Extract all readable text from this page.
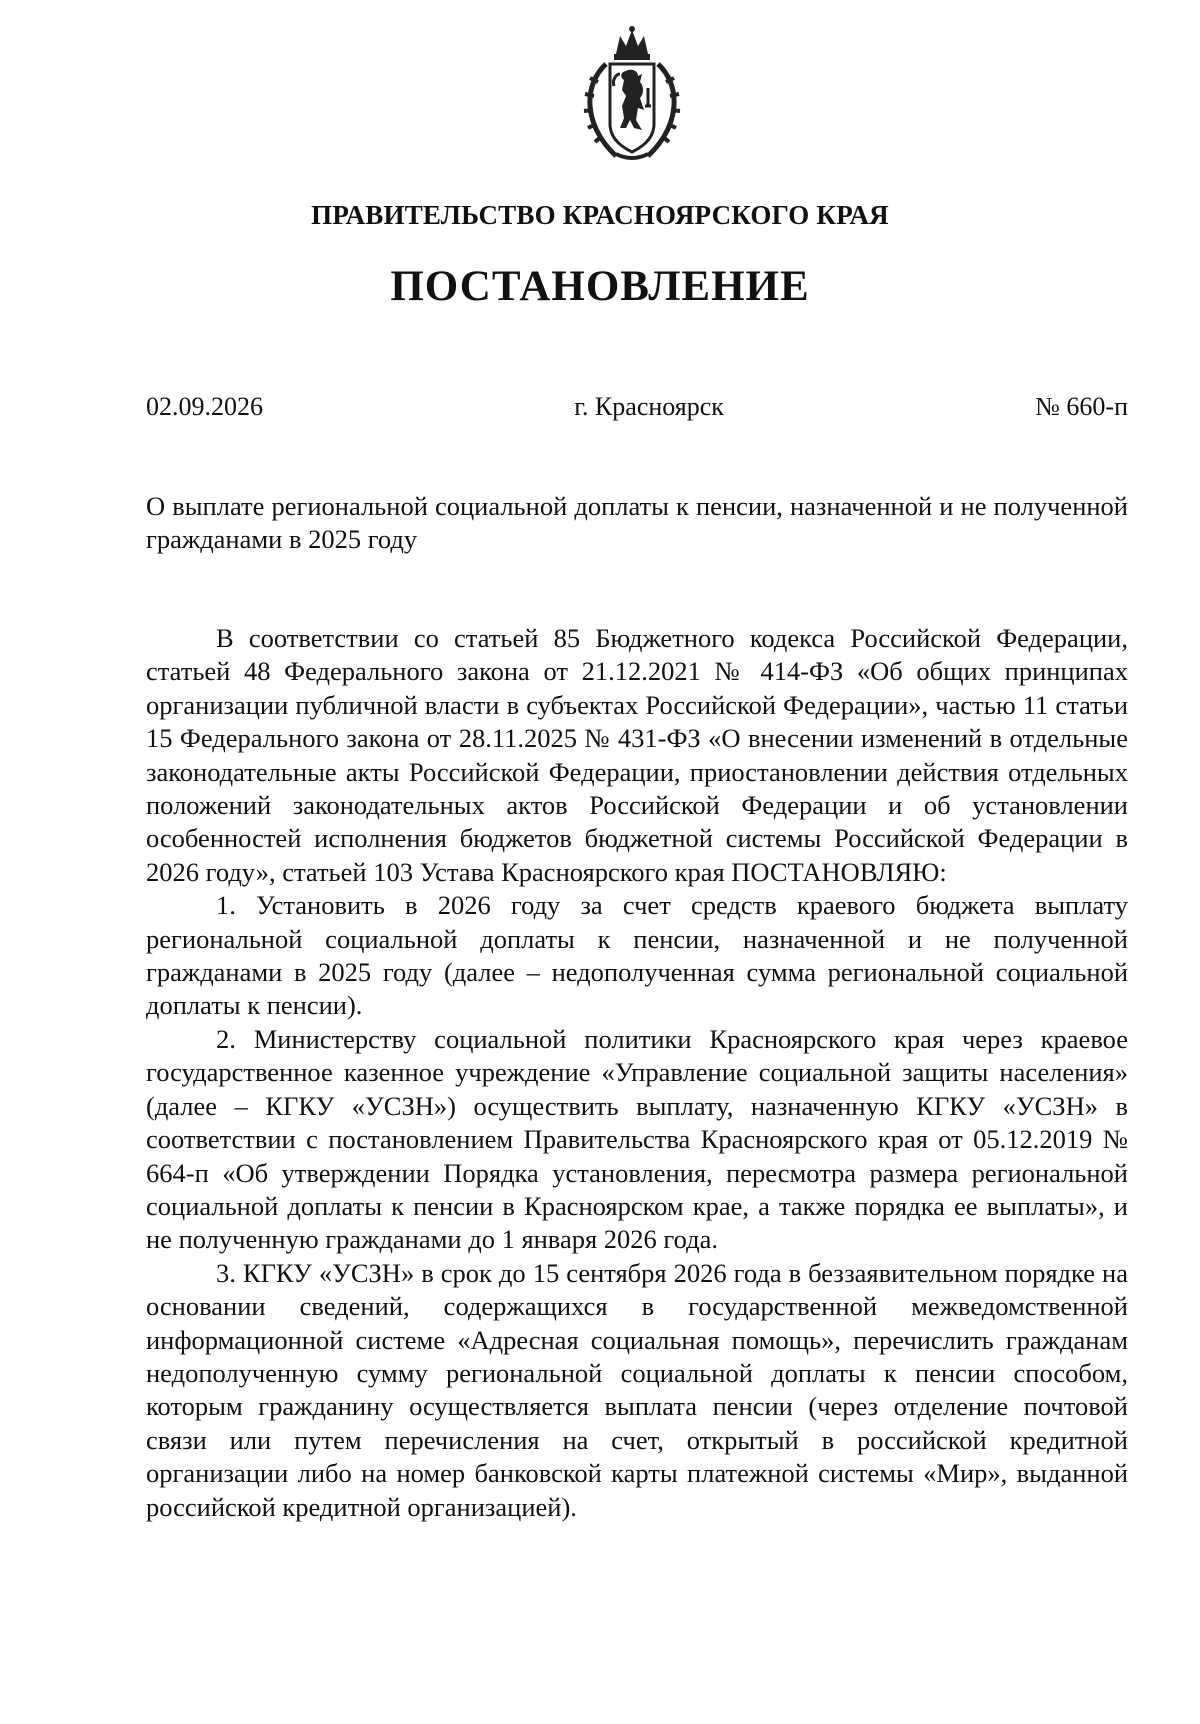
ПРАВИТЕЛЬСТВО КРАСНОЯРСКОГО КРАЯ
ПОСТАНОВЛЕНИЕ
02.09.2026	г. Красноярск	№ 660-п
О выплате региональной социальной доплаты к пенсии, назначенной и не полученной гражданами в 2025 году

В соответствии со статьей 85 Бюджетного кодекса Российской Федерации, статьей 48 Федерального закона от 21.12.2021 № 414-ФЗ «Об общих принципах организации публичной власти в субъектах Российской Федерации», частью 11 статьи 15 Федерального закона от 28.11.2025 № 431-ФЗ «О внесении изменений в отдельные законодательные акты Российской Федерации, приостановлении действия отдельных положений законодательных актов Российской Федерации и об установлении особенностей исполнения бюджетов бюджетной системы Российской Федерации в 2026 году», статьей 103 Устава Красноярского края ПОСТАНОВЛЯЮ:

1. Установить в 2026 году за счет средств краевого бюджета выплату региональной социальной доплаты к пенсии, назначенной и не полученной гражданами в 2025 году (далее – недополученная сумма региональной социальной доплаты к пенсии).

2. Министерству социальной политики Красноярского края через краевое государственное казенное учреждение «Управление социальной защиты населения» (далее – КГКУ «УСЗН») осуществить выплату, назначенную КГКУ «УСЗН» в соответствии с постановлением Правительства Красноярского края от 05.12.2019 № 664-п «Об утверждении Порядка установления, пересмотра размера региональной социальной доплаты к пенсии в Красноярском крае, а также порядка ее выплаты», и не полученную гражданами до 1 января 2026 года.

3. КГКУ «УСЗН» в срок до 15 сентября 2026 года в беззаявительном порядке на основании сведений, содержащихся в государственной межведомственной информационной системе «Адресная социальная помощь», перечислить гражданам недополученную сумму региональной социальной доплаты к пенсии способом, которым гражданину осуществляется выплата пенсии (через отделение почтовой связи или путем перечисления на счет, открытый в российской кредитной организации либо на номер банковской карты платежной системы «Мир», выданной российской кредитной организацией).
